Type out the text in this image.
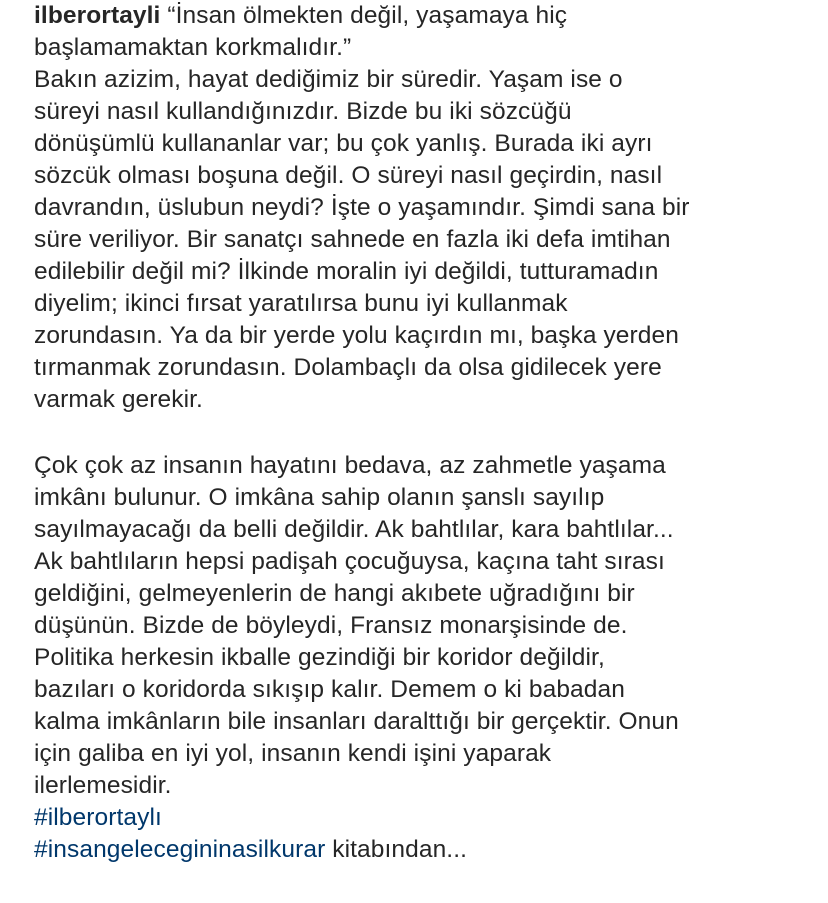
ilberortayli “İnsan ölmekten değil, yaşamaya hiç
başlamamaktan korkmalıdır.”
Bakın azizim, hayat dediğimiz bir süredir. Yaşam ise o
süreyi nasıl kullandığınızdır. Bizde bu iki sözcüğü
dönüşümlü kullananlar var; bu çok yanlış. Burada iki ayrı
sözcük olması boşuna değil. O süreyi nasıl geçirdin, nasıl
davrandın, üslubun neydi? İşte o yaşamındır. Şimdi sana bir
süre veriliyor. Bir sanatçı sahnede en fazla iki defa imtihan
edilebilir değil mi? İlkinde moralin iyi değildi, tutturamadın
diyelim; ikinci fırsat yaratılırsa bunu iyi kullanmak
zorundasın. Ya da bir yerde yolu kaçırdın mı, başka yerden
tırmanmak zorundasın. Dolambaçlı da olsa gidilecek yere
varmak gerekir.
Çok çok az insanın hayatını bedava, az zahmetle yaşama
imkânı bulunur. O imkâna sahip olanın şanslı sayılıp
sayılmayacağı da belli değildir. Ak bahtlılar, kara bahtlılar...
Ak bahtlıların hepsi padişah çocuğuysa, kaçına taht sırası
geldiğini, gelmeyenlerin de hangi akıbete uğradığını bir
düşünün. Bizde de böyleydi, Fransız monarşisinde de.
Politika herkesin ikballe gezindiği bir koridor değildir,
bazıları o koridorda sıkışıp kalır. Demem o ki babadan
kalma imkânların bile insanları daralttığı bir gerçektir. Onun
için galiba en iyi yol, insanın kendi işini yaparak
ilerlemesidir.
#ilberortaylı
#insangelecegininasilkurar kitabından...
